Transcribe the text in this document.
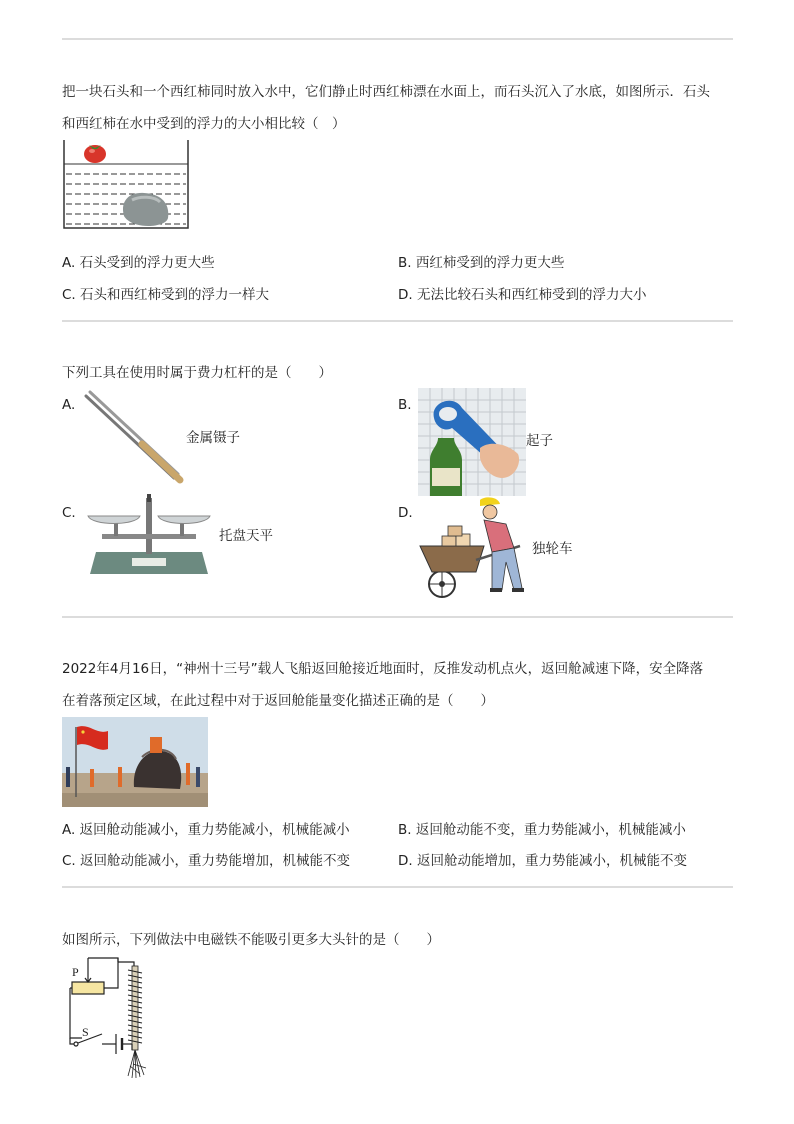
把一块石头和一个西红柿同时放入水中，它们静止时西红柿漂在水面上，而石头沉入了水底，如图所示．石头
和西红柿在水中受到的浮力的大小相比较（　）
A. 石头受到的浮力更大些	B. 西红柿受到的浮力更大些
C. 石头和西红柿受到的浮力一样大	D. 无法比较石头和西红柿受到的浮力大小
下列工具在使用时属于费力杠杆的是（　　）
A.
金属镊子
B.
起子
C.
托盘天平
D.
独轮车
2022年4月16日，“神州十三号”载人飞船返回舱接近地面时，反推发动机点火，返回舱减速下降，安全降落
在着落预定区域，在此过程中对于返回舱能量变化描述正确的是（　　）
A. 返回舱动能减小，重力势能减小，机械能减小	B. 返回舱动能不变，重力势能减小，机械能减小
C. 返回舱动能减小，重力势能增加，机械能不变	D. 返回舱动能增加，重力势能减小，机械能不变
如图所示，下列做法中电磁铁不能吸引更多大头针的是（　　）
P
S
